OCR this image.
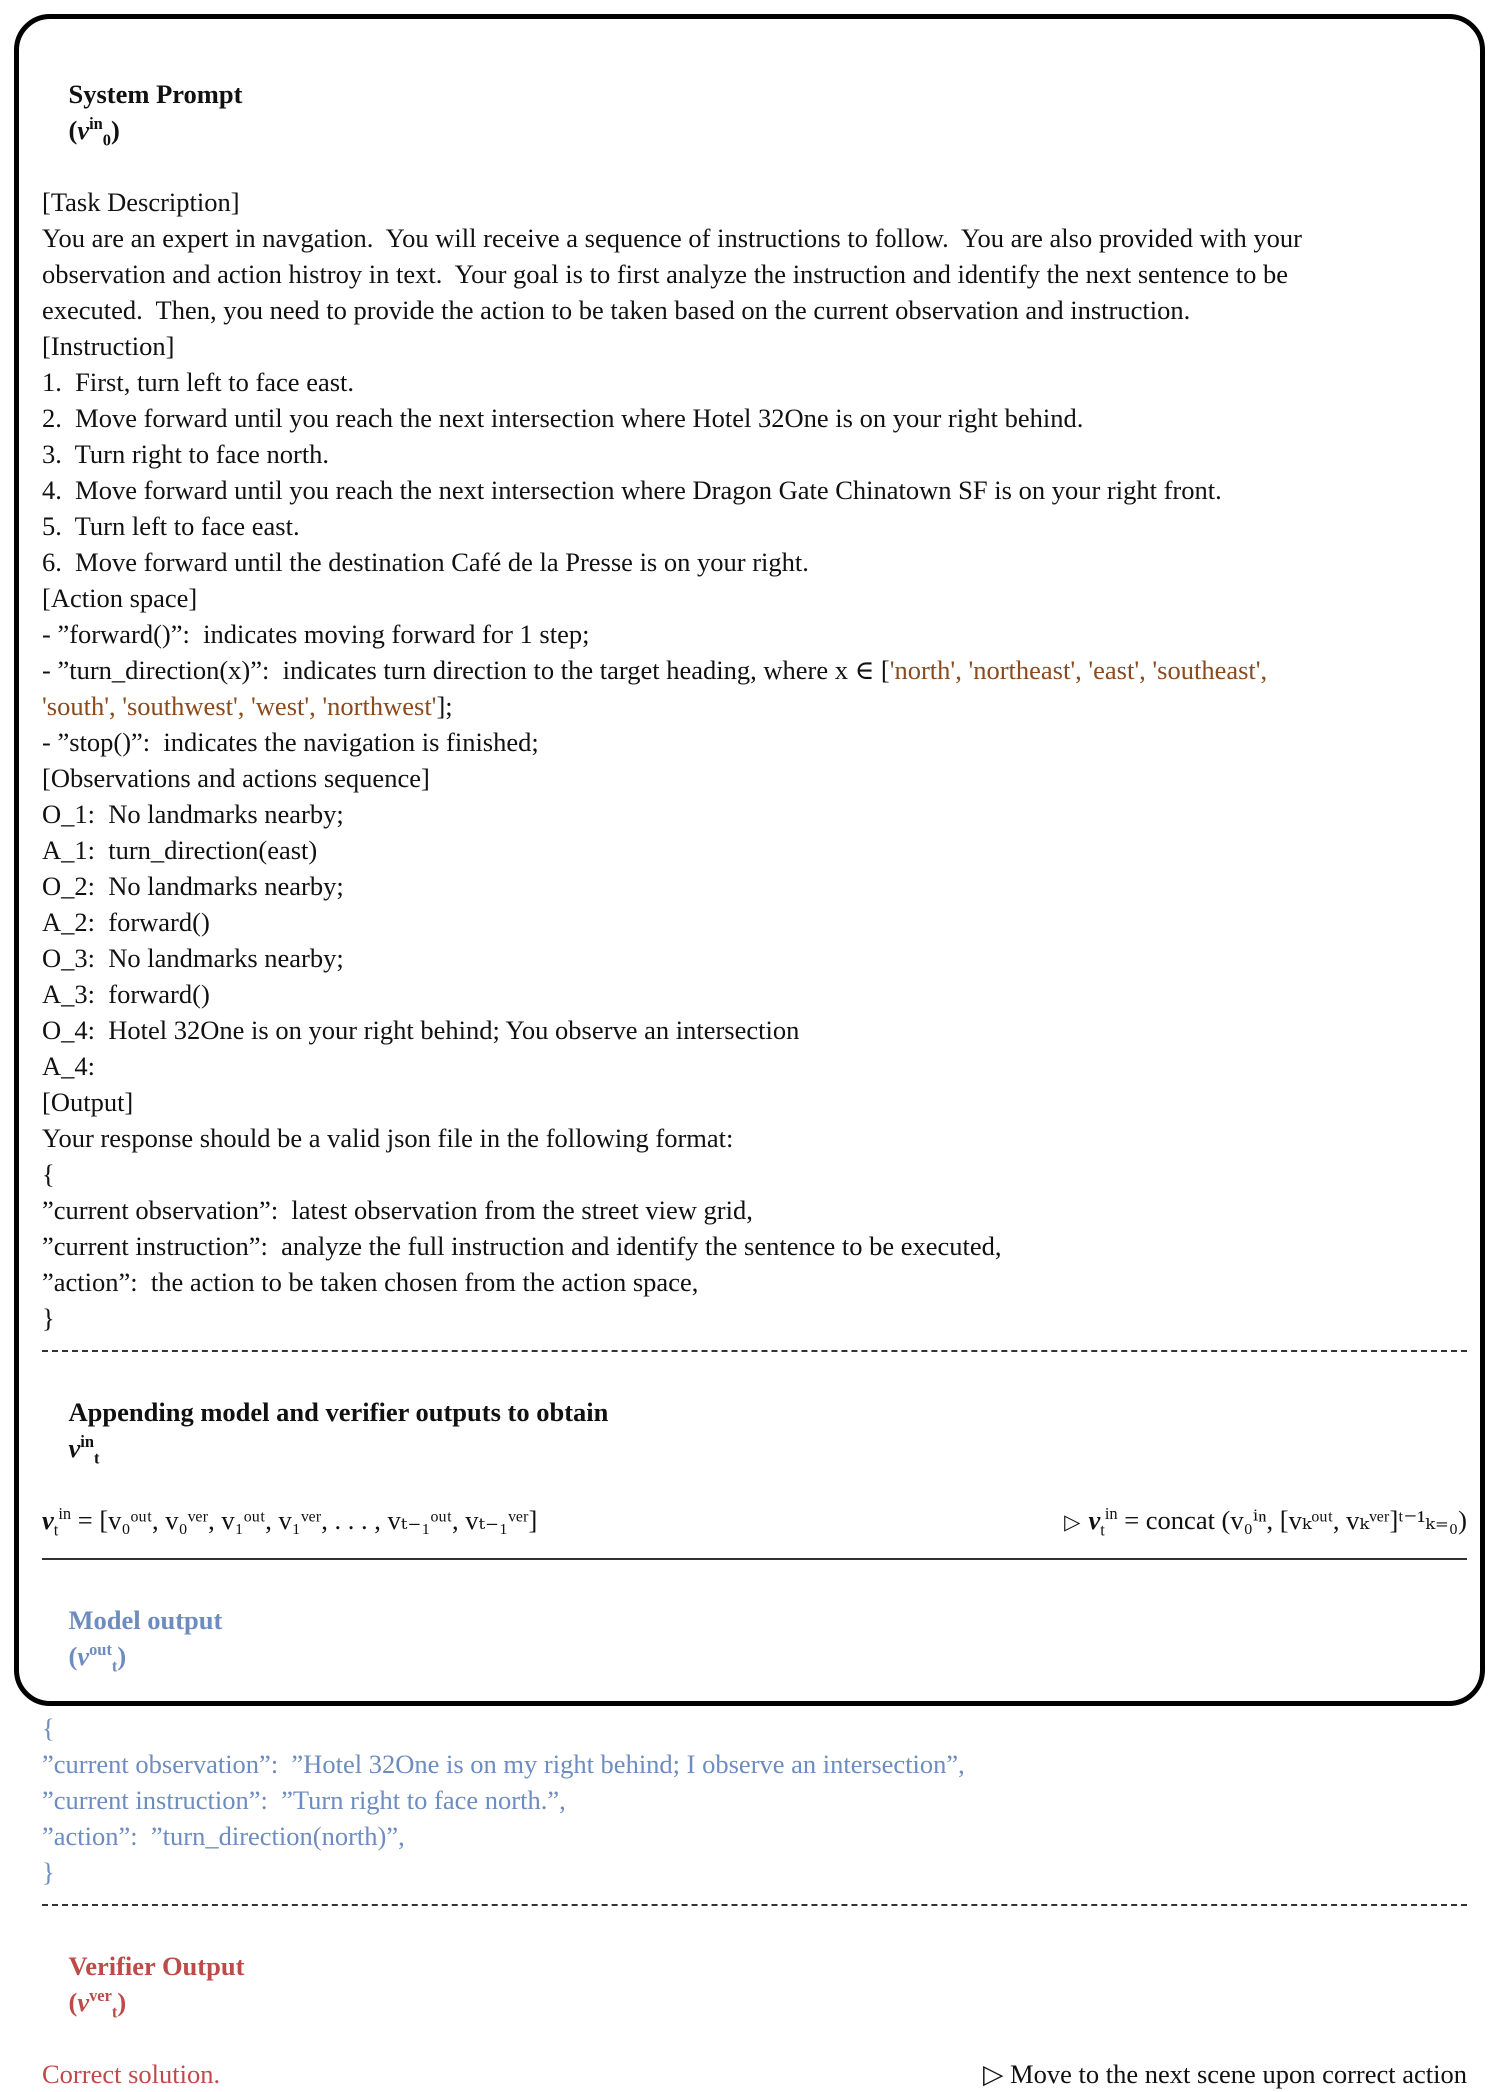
System Prompt
$(v^{in}_0)$

[Task Description]
You are an expert in navgation.  You will receive a sequence of instructions to follow.  You are also provided with your
observation and action histroy in text.  Your goal is to first analyze the instruction and identify the next sentence to be
executed.  Then, you need to provide the action to be taken based on the current observation and instruction.
[Instruction]
1.  First, turn left to face east.
2.  Move forward until you reach the next intersection where Hotel 32One is on your right behind.
3.  Turn right to face north.
4.  Move forward until you reach the next intersection where Dragon Gate Chinatown SF is on your right front.
5.  Turn left to face east.
6.  Move forward until the destination Café de la Presse is on your right.
[Action space]
- ”forward()”:  indicates moving forward for 1 step;
- ”turn_direction(x)”:  indicates turn direction to the target heading, where x ∈ ['north', 'northeast', 'east', 'southeast',
'south', 'southwest', 'west', 'northwest'];
- ”stop()”:  indicates the navigation is finished;
[Observations and actions sequence]
O_1:  No landmarks nearby;
A_1:  turn_direction(east)
O_2:  No landmarks nearby;
A_2:  forward()
O_3:  No landmarks nearby;
A_3:  forward()
O_4:  Hotel 32One is on your right behind; You observe an intersection
A_4:
[Output]
Your response should be a valid json file in the following format:
{
”current observation”:  latest observation from the street view grid,
”current instruction”:  analyze the full instruction and identify the sentence to be executed,
”action”:  the action to be taken chosen from the action space,
}

Appending model and verifier outputs to obtain
$v^{in}_t$

$v_t^{in}$ = [v₀ᵒᵘᵗ, v₀ᵛᵉʳ, v₁ᵒᵘᵗ, v₁ᵛᵉʳ, . . . , vₜ₋₁ᵒᵘᵗ, vₜ₋₁ᵛᵉʳ]	▷ $v_t^{in}$ = concat (v₀ⁱⁿ, [vₖᵒᵘᵗ, vₖᵛᵉʳ]ᵗ⁻¹ₖ₌₀)

Model output
$(v^{out}_t)$

{
”current observation”:  ”Hotel 32One is on my right behind; I observe an intersection”,
”current instruction”:  ”Turn right to face north.”,
”action”:  ”turn_direction(north)”,
}

Verifier Output
$(v^{ver}_t)$

Correct solution.	▷ Move to the next scene upon correct action
